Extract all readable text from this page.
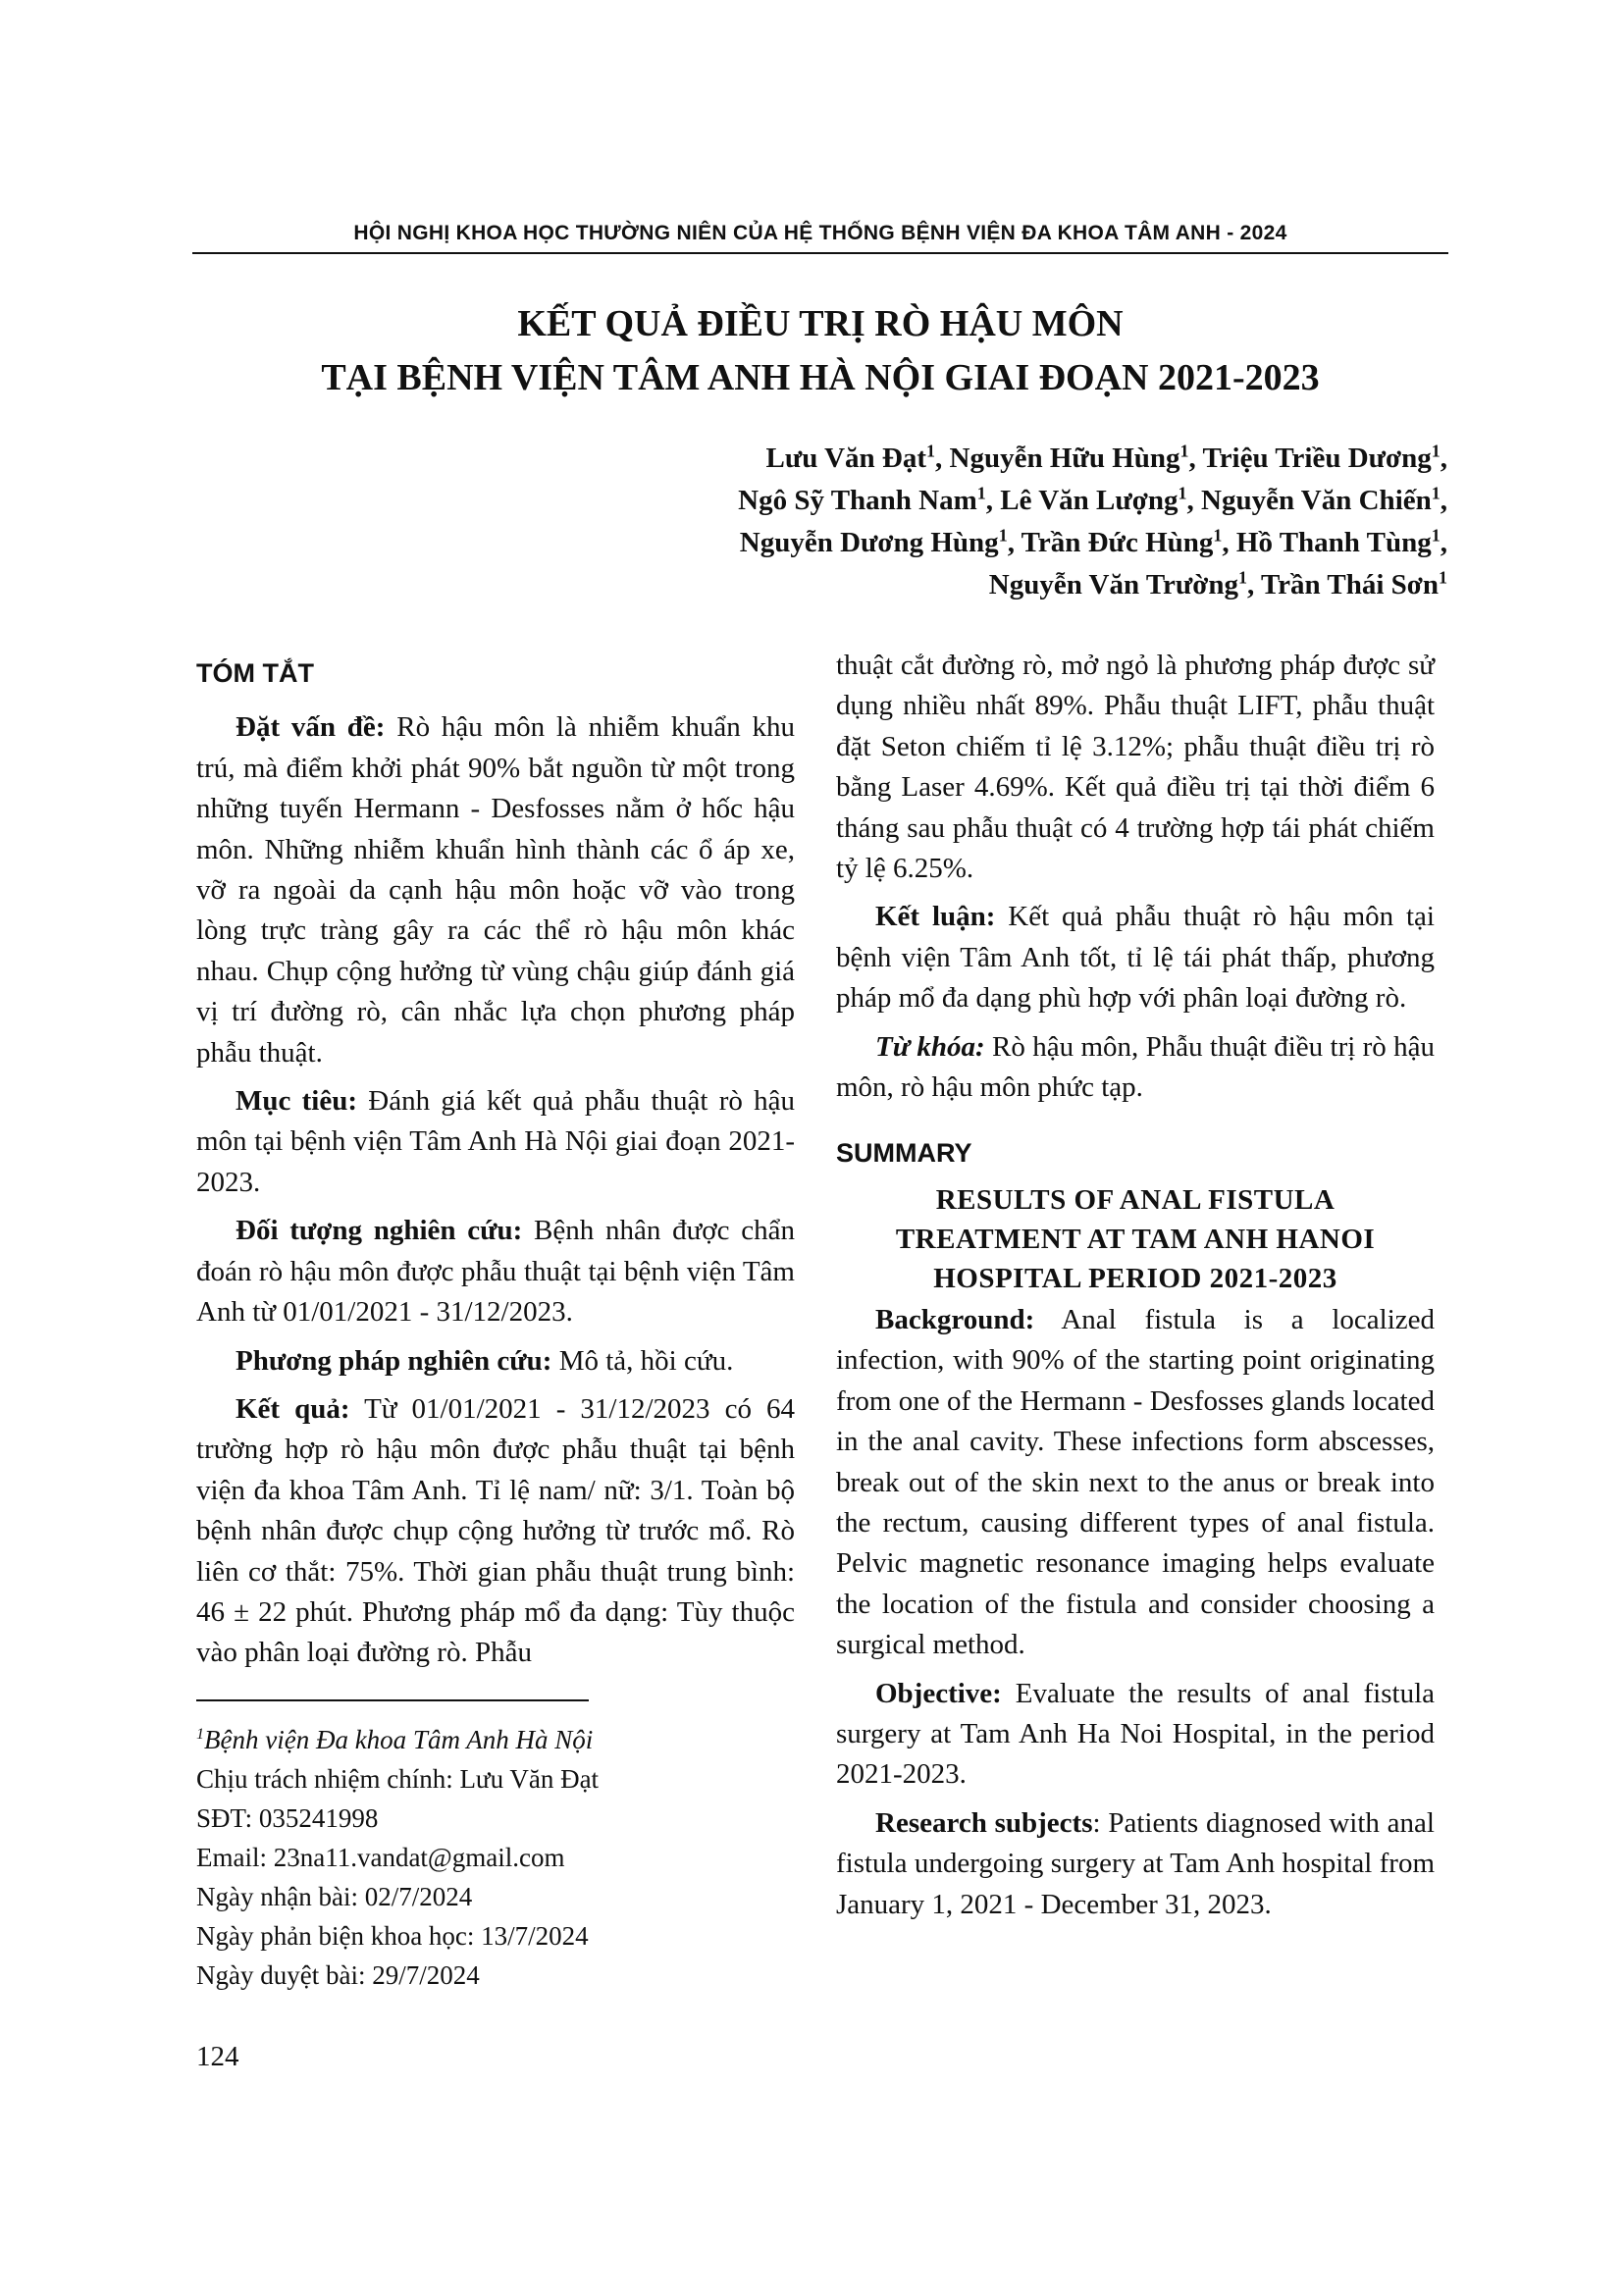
HỘI NGHỊ KHOA HỌC THƯỜNG NIÊN CỦA HỆ THỐNG BỆNH VIỆN ĐA KHOA TÂM ANH - 2024
KẾT QUẢ ĐIỀU TRỊ RÒ HẬU MÔN
TẠI BỆNH VIỆN TÂM ANH HÀ NỘI GIAI ĐOẠN 2021-2023
Lưu Văn Đạt$^1$, Nguyễn Hữu Hùng$^1$, Triệu Triều Dương$^1$,
Ngô Sỹ Thanh Nam$^1$, Lê Văn Lượng$^1$, Nguyễn Văn Chiến$^1$,
Nguyễn Dương Hùng$^1$, Trần Đức Hùng$^1$, Hồ Thanh Tùng$^1$,
Nguyễn Văn Trường$^1$, Trần Thái Sơn$^1$
TÓM TẮT

Đặt vấn đề: Rò hậu môn là nhiễm khuẩn khu trú, mà điểm khởi phát 90% bắt nguồn từ một trong những tuyến Hermann - Desfosses nằm ở hốc hậu môn. Những nhiễm khuẩn hình thành các ổ áp xe, vỡ ra ngoài da cạnh hậu môn hoặc vỡ vào trong lòng trực tràng gây ra các thể rò hậu môn khác nhau. Chụp cộng hưởng từ vùng chậu giúp đánh giá vị trí đường rò, cân nhắc lựa chọn phương pháp phẫu thuật.

Mục tiêu: Đánh giá kết quả phẫu thuật rò hậu môn tại bệnh viện Tâm Anh Hà Nội giai đoạn 2021-2023.

Đối tượng nghiên cứu: Bệnh nhân được chẩn đoán rò hậu môn được phẫu thuật tại bệnh viện Tâm Anh từ 01/01/2021 - 31/12/2023.

Phương pháp nghiên cứu: Mô tả, hồi cứu.

Kết quả: Từ 01/01/2021 - 31/12/2023 có 64 trường hợp rò hậu môn được phẫu thuật tại bệnh viện đa khoa Tâm Anh. Tỉ lệ nam/ nữ: 3/1. Toàn bộ bệnh nhân được chụp cộng hưởng từ trước mổ. Rò liên cơ thắt: 75%. Thời gian phẫu thuật trung bình: 46 ± 22 phút. Phương pháp mổ đa dạng: Tùy thuộc vào phân loại đường rò. Phẫu

thuật cắt đường rò, mở ngỏ là phương pháp được sử dụng nhiều nhất 89%. Phẫu thuật LIFT, phẫu thuật đặt Seton chiếm tỉ lệ 3.12%; phẫu thuật điều trị rò bằng Laser 4.69%. Kết quả điều trị tại thời điểm 6 tháng sau phẫu thuật có 4 trường hợp tái phát chiếm tỷ lệ 6.25%.

Kết luận: Kết quả phẫu thuật rò hậu môn tại bệnh viện Tâm Anh tốt, tỉ lệ tái phát thấp, phương pháp mổ đa dạng phù hợp với phân loại đường rò.

Từ khóa: Rò hậu môn, Phẫu thuật điều trị rò hậu môn, rò hậu môn phức tạp.

SUMMARY
RESULTS OF ANAL FISTULA
TREATMENT AT TAM ANH HANOI
HOSPITAL PERIOD 2021-2023

Background: Anal fistula is a localized infection, with 90% of the starting point originating from one of the Hermann - Desfosses glands located in the anal cavity. These infections form abscesses, break out of the skin next to the anus or break into the rectum, causing different types of anal fistula. Pelvic magnetic resonance imaging helps evaluate the location of the fistula and consider choosing a surgical method.

Objective: Evaluate the results of anal fistula surgery at Tam Anh Ha Noi Hospital, in the period 2021-2023.

Research subjects: Patients diagnosed with anal fistula undergoing surgery at Tam Anh hospital from January 1, 2021 - December 31, 2023.

$^1$Bệnh viện Đa khoa Tâm Anh Hà Nội
Chịu trách nhiệm chính: Lưu Văn Đạt
SĐT: 035241998
Email: 23na11.vandat@gmail.com
Ngày nhận bài: 02/7/2024
Ngày phản biện khoa học: 13/7/2024
Ngày duyệt bài: 29/7/2024
124
